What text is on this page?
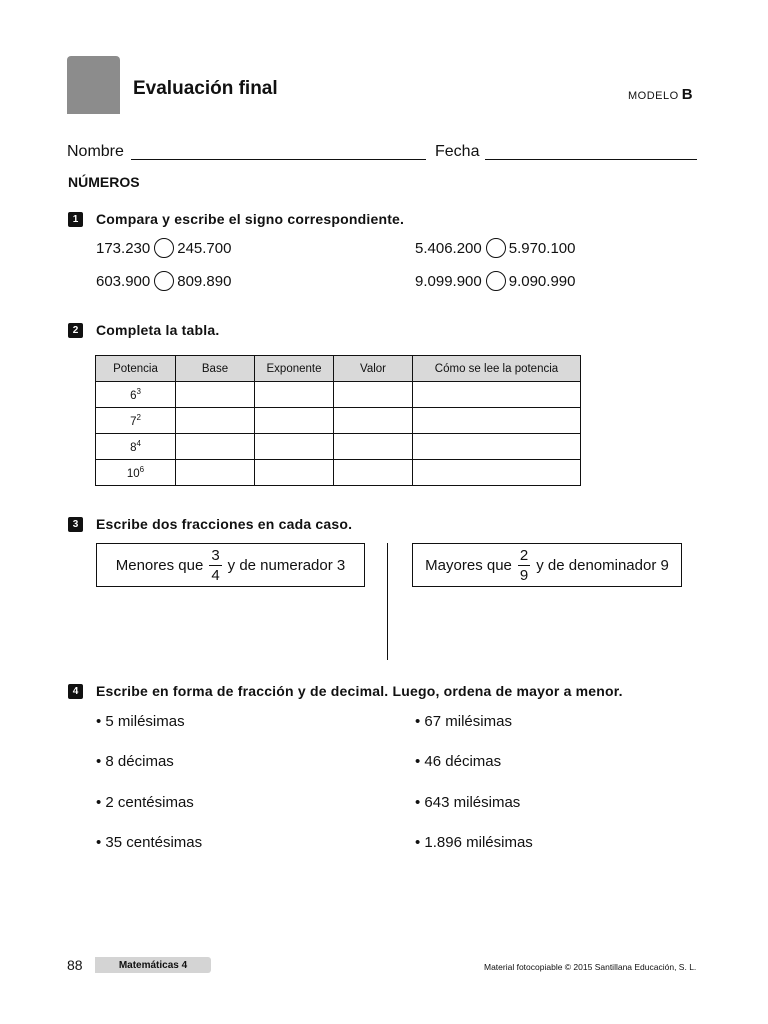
Evaluación final	MODELO B
Nombre	Fecha
NÚMEROS
1	Compara y escribe el signo correspondiente.
173.230 245.700	5.406.200 5.970.100
603.900 809.890	9.099.900 9.090.990
2	Completa la tabla.
Potencia	Base	Exponente	Valor	Cómo se lee la potencia
$6^3$				
$7^2$				
$8^4$				
$10^6$				
3	Escribe dos fracciones en cada caso.
Menores que $\frac{3}{4}$ y de numerador 3	Mayores que $\frac{2}{9}$ y de denominador 9
4	Escribe en forma de fracción y de decimal. Luego, ordena de mayor a menor.
• 5 milésimas
• 8 décimas
• 2 centésimas
• 35 centésimas
• 67 milésimas
• 46 décimas
• 643 milésimas
• 1.896 milésimas
88	Matemáticas 4	Material fotocopiable © 2015 Santillana Educación, S. L.
